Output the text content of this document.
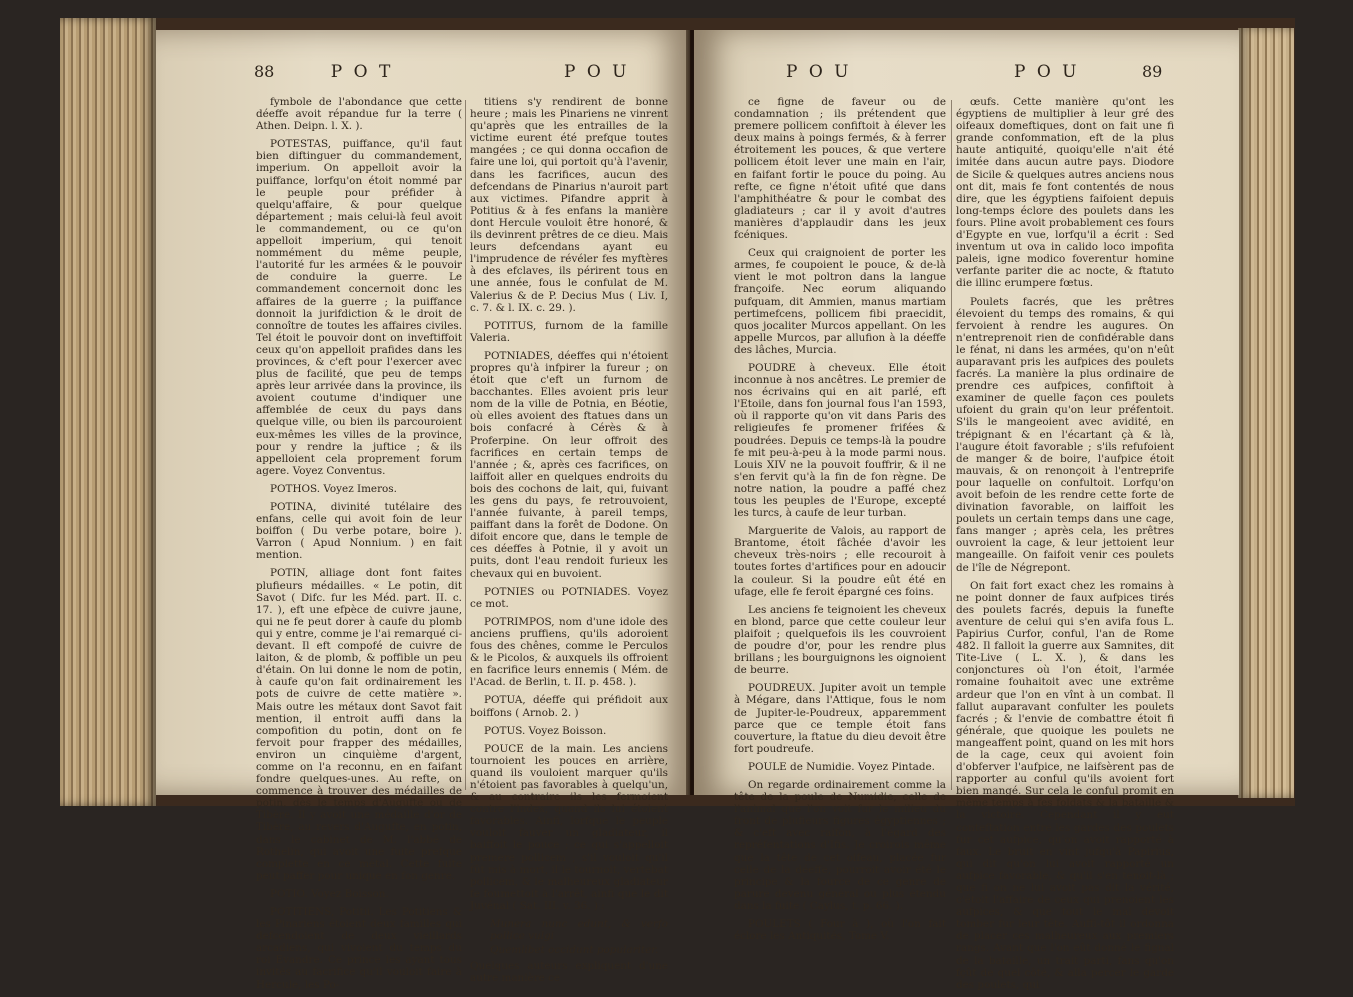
88	P O T	P O U

fymbole de l'abondance que cette déeffe avoit répandue fur la terre ( Athen. Deipn. l. X. ).

POTESTAS, puiffance, qu'il faut bien diftinguer du commandement, imperium. On appelloit avoir la puiffance, lorfqu'on étoit nommé par le peuple pour préfider à quelqu'affaire, & pour quelque département ; mais celui-là feul avoit le commandement, ou ce qu'on appelloit imperium, qui tenoit nommément du même peuple, l'autorité fur les armées & le pouvoir de conduire la guerre. Le commandement concernoit donc les affaires de la guerre ; la puiffance donnoit la jurifdiction & le droit de connoître de toutes les affaires civiles. Tel étoit le pouvoir dont on inveftiffoit ceux qu'on appelloit prafides dans les provinces, & c'eft pour l'exercer avec plus de facilité, que peu de temps après leur arrivée dans la province, ils avoient coutume d'indiquer une affemblée de ceux du pays dans quelque ville, ou bien ils parcouroient eux-mêmes les villes de la province, pour y rendre la juftice ; & ils appelloient cela proprement forum agere. Voyez Conventus.

POTHOS. Voyez Imeros.

POTINA, divinité tutélaire des enfans, celle qui avoit foin de leur boiffon ( Du verbe potare, boire ). Varron ( Apud Nonnium. ) en fait mention.

POTIN, alliage dont font faites plufieurs médailles. « Le potin, dit Savot ( Difc. fur les Méd. part. II. c. 17. ), eft une efpèce de cuivre jaune, qui ne fe peut dorer à caufe du plomb qui y entre, comme je l'ai remarqué ci-devant. Il eft compofé de cuivre de laiton, & de plomb, & poffible un peu d'étain. On lui donne le nom de potin, à caufe qu'on fait ordinairement les pots de cuivre de cette matière ». Mais outre les métaux dont Savot fait mention, il entroit auffi dans la compofition du potin, dont on fe fervoit pour frapper des médailles, environ un cinquième d'argent, comme on l'a reconnu, en en faifant fondre quelques-unes. Au refte, on commence à trouver des médailles de potin, dès le temps d'Augufte ou de Tibère. Il y avoit une médaille d'or de Tibère, au revers d'Augufte, en potin, dans le cabinet de M. l'abbé de Rothelin, qui avoit une fuite prefque complette en ce métal. Cette fuite peut paffer pour unique en fon genre.

POTIO. Voyez Boisson.

POTITIENS, Potitii. Les Potitiens & les Pinariens étoient deux familles qui defcendoient de deux vieillards arcadiens, qui vivoient du temps du roi Evandre. Ce prince les ayant tous invités au facrifice qu'il vouloit faire à Hercule, les Po-

titiens s'y rendirent de bonne heure ; mais les Pinariens ne vinrent qu'après que les entrailles de la victime eurent été prefque toutes mangées ; ce qui donna occafion de faire une loi, qui portoit qu'à l'avenir, dans les facrifices, aucun des defcendans de Pinarius n'auroit part aux victimes. Pifandre apprit à Potitius & à fes enfans la manière dont Hercule vouloit être honoré, & ils devinrent prêtres de ce dieu. Mais leurs defcendans ayant eu l'imprudence de révéler fes myftères à des efclaves, ils périrent tous en une année, fous le confulat de M. Valerius & de P. Decius Mus ( Liv. I, c. 7. & l. IX. c. 29. ).

POTITUS, furnom de la famille Valeria.

POTNIADES, déeffes qui n'étoient propres qu'à infpirer la fureur ; on étoit que c'eft un furnom de bacchantes. Elles avoient pris leur nom de la ville de Potnia, en Béotie, où elles avoient des ftatues dans un bois confacré à Cérès & à Proferpine. On leur offroit des facrifices en certain temps de l'année ; &, après ces facrifices, on laiffoit aller en quelques endroits du bois des cochons de lait, qui, fuivant les gens du pays, fe retrouvoient, l'année fuivante, à pareil temps, paiffant dans la forêt de Dodone. On difoit encore que, dans le temple de ces déeffes à Potnie, il y avoit un puits, dont l'eau rendoit furieux les chevaux qui en buvoient.

POTNIES ou POTNIADES. Voyez ce mot.

POTRIMPOS, nom d'une idole des anciens pruffiens, qu'ils adoroient fous des chênes, comme le Perculos & le Picolos, & auxquels ils offroient en facrifice leurs ennemis ( Mém. de l'Acad. de Berlin, t. II. p. 458. ).

POTUA, déeffe qui préfidoit aux boiffons ( Arnob. 2. )

POTUS. Voyez Boisson.

POUCE de la main. Les anciens tournoient les pouces en arrière, quand ils vouloient marquer qu'ils n'étoient pas favorables à quelqu'un, & au contraire ils les fermoient contre l'index, quand ils lui étoient favorables. Ainfi, lorfque le peuple vouloit fauver un gladiateur, il baiffoit le pouce ; ce qui s'appelloit premere pollicem ; s'il vouloit qu'il fût mis à mort, il le tournoit, vertebat pollicem, & le malheureux gladiateur fe foumettoit à l'arrêt, ainfi que le dit Juvénal ( Sat. III. v. 36. ) :

Munera nunc edunt, & verfo pollice vulgi

Quemlibet occidunt populariter.

Quelques auteurs expliquent d'une autre manière ce

P O U	P O U	89

ce figne de faveur ou de condamnation ; ils prétendent que premere pollicem confiftoit à élever les deux mains à poings fermés, & à ferrer étroitement les pouces, & que vertere pollicem étoit lever une main en l'air, en faifant fortir le pouce du poing. Au refte, ce figne n'étoit ufité que dans l'amphithéatre & pour le combat des gladiateurs ; car il y avoit d'autres manières d'applaudir dans les jeux fcéniques.

Ceux qui craignoient de porter les armes, fe coupoient le pouce, & de-là vient le mot poltron dans la langue françoife. Nec eorum aliquando pufquam, dit Ammien, manus martiam pertimefcens, pollicem fibi praecidit, quos jocaliter Murcos appellant. On les appelle Murcos, par allufion à la déeffe des lâches, Murcia.

POUDRE à cheveux. Elle étoit inconnue à nos ancêtres. Le premier de nos écrivains qui en ait parlé, eft l'Etoile, dans fon journal fous l'an 1593, où il rapporte qu'on vit dans Paris des religieufes fe promener frifées & poudrées. Depuis ce temps-là la poudre fe mit peu-à-peu à la mode parmi nous. Louis XIV ne la pouvoit fouffrir, & il ne s'en fervit qu'à la fin de fon règne. De notre nation, la poudre a paffé chez tous les peuples de l'Europe, excepté les turcs, à caufe de leur turban.

Marguerite de Valois, au rapport de Brantome, étoit fâchée d'avoir les cheveux très-noirs ; elle recouroit à toutes fortes d'artifices pour en adoucir la couleur. Si la poudre eût été en ufage, elle fe feroit épargné ces foins.

Les anciens fe teignoient les cheveux en blond, parce que cette couleur leur plaifoit ; quelquefois ils les couvroient de poudre d'or, pour les rendre plus brillans ; les bourguignons les oignoient de beurre.

POUDREUX. Jupiter avoit un temple à Mégare, dans l'Attique, fous le nom de Jupiter-le-Poudreux, apparemment parce que ce temple étoit fans couverture, la ftatue du dieu devoit être fort poudreufe.

POULE de Numidie. Voyez Pintade.

On regarde ordinairement comme la tête de la poule de Numidie, celle de l'animal que l'on voit fur le milieu du front de plufieurs figures égyptiennes ; & c'eft avec raifon, à l'égard des repréfentations d'Ifis. Je croirois même que la tête de cet oifeau, placée fur celle de la déeffe, pourroit avoir été le principe & la fource de ce genre de parure devenu général ou plus étendu dans la fuite ( Caylus, t. p. 66. ).

POULETS ( Four à ), où l'on fait éclore les Antiquités, Tome V.

œufs. Cette manière qu'ont les égyptiens de multiplier à leur gré des oifeaux domeftiques, dont on fait une fi grande confommation, eft de la plus haute antiquité, quoiqu'elle n'ait été imitée dans aucun autre pays. Diodore de Sicile & quelques autres anciens nous ont dit, mais fe font contentés de nous dire, que les égyptiens faifoient depuis long-temps éclore des poulets dans les fours. Pline avoit probablement ces fours d'Egypte en vue, lorfqu'il a écrit : Sed inventum ut ova in calido loco impofita paleis, igne modico foverentur homine verfante pariter die ac nocte, & ftatuto die illinc erumpere fœtus.

Poulets facrés, que les prêtres élevoient du temps des romains, & qui fervoient à rendre les augures. On n'entreprenoit rien de confidérable dans le fénat, ni dans les armées, qu'on n'eût auparavant pris les aufpices des poulets facrés. La manière la plus ordinaire de prendre ces aufpices, confiftoit à examiner de quelle façon ces poulets ufoient du grain qu'on leur préfentoit. S'ils le mangeoient avec avidité, en trépignant & en l'écartant çà & là, l'augure étoit favorable ; s'ils refufoient de manger & de boire, l'aufpice étoit mauvais, & on renonçoit à l'entreprife pour laquelle on confultoit. Lorfqu'on avoit befoin de les rendre cette forte de divination favorable, on laiffoit les poulets un certain temps dans une cage, fans manger ; après cela, les prêtres ouvroient la cage, & leur jettoient leur mangeaille. On faifoit venir ces poulets de l'île de Négrepont.

On fait fort exact chez les romains à ne point donner de faux aufpices tirés des poulets facrés, depuis la funefte aventure de celui qui s'en avifa fous L. Papirius Curfor, conful, l'an de Rome 482. Il falloit la guerre aux Samnites, dit Tite-Live ( L. X. ), & dans les conjonctures où l'on étoit, l'armée romaine fouhaitoit avec une extrême ardeur que l'on en vînt à un combat. Il fallut auparavant confulter les poulets facrés ; & l'envie de combattre étoit fi générale, que quoique les poulets ne mangeaffent point, quand on les mit hors de la cage, ceux qui avoient foin d'obferver l'aufpice, ne laifsèrent pas de rapporter au conful qu'ils avoient fort bien mangé. Sur cela le conful promit en même temps à fes foldats & la bataille & la victoire. Cependant il y eut conteftation entre les gardes des poulets fur cet aufpice, qu'on avoit rapporté à faux. Le bruit en vint jufqu'à Papirius, qui dit qu'on lui avoit rapporté un aufpice favorable, & qu'il s'en tenoit-là ; que fi on ne lui avoit pas dit la vérité, c'étoit l'affaire de ceux qui prenoient les aufpices, & que tout le mal devoit tomber fur leur tête. Auffi-tôt il ordonna de placer ces malheureux aux premiers rangs. Avant que l'on eût donné le fignal de la bataille, un trait parti, fans qu'on fçût de quel côté, & alla percer le garde des poulets, qui
